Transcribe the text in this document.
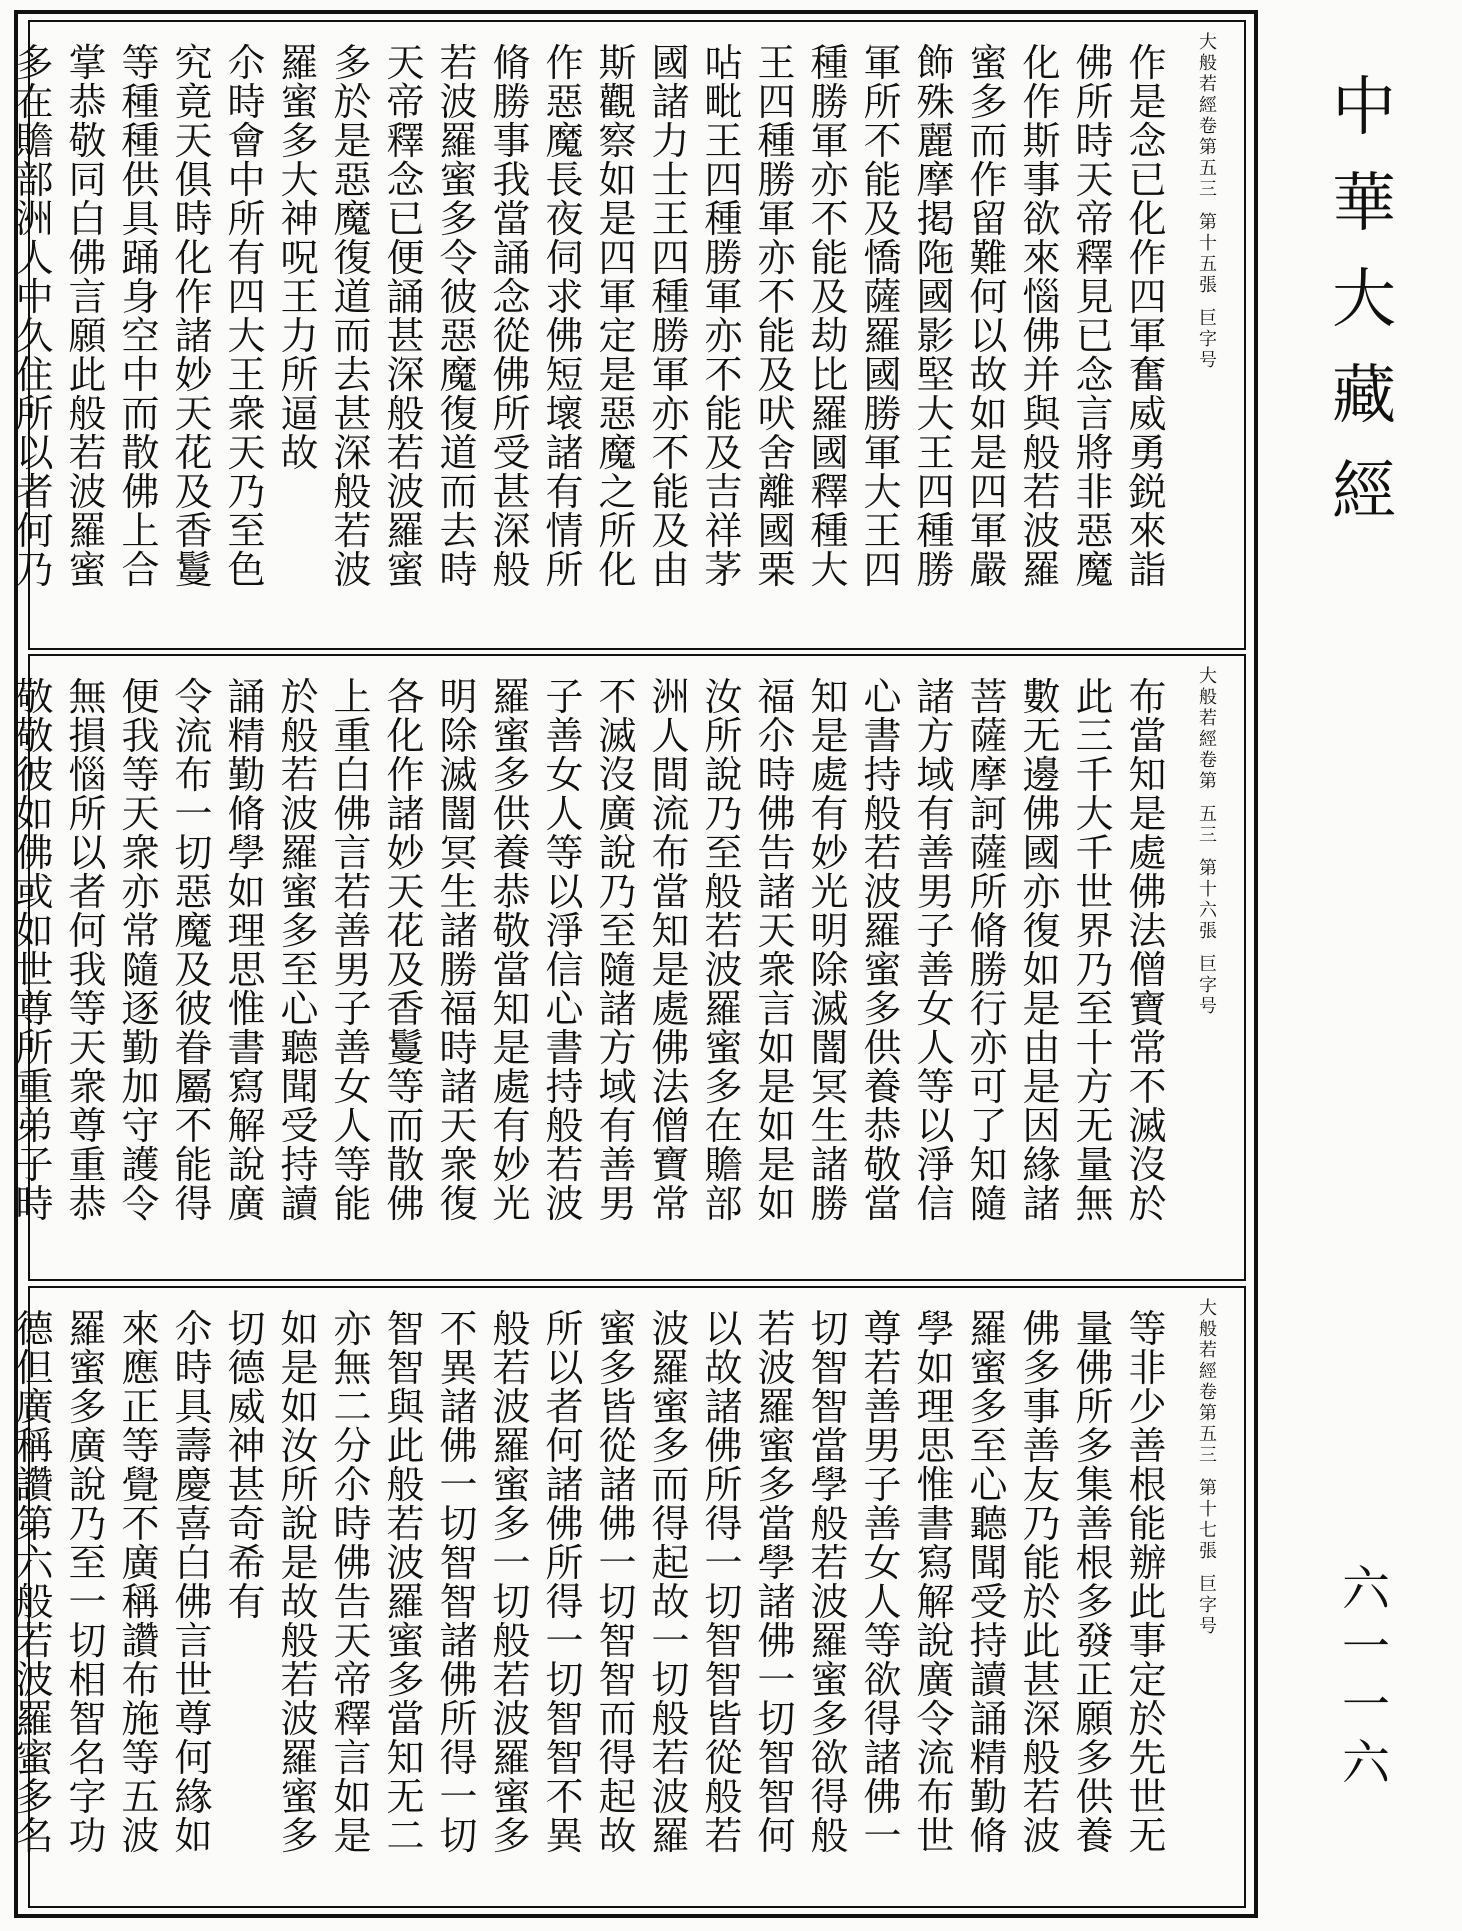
大
般
若
經
卷
第
五
三
第
十
五
張
巨
字
号
作
是
念
已
化
作
四
軍
奮
威
勇
鋭
來
詣
佛
所
時
天
帝
釋
見
已
念
言
將
非
惡
魔
化
作
斯
事
欲
來
惱
佛
并
與
般
若
波
羅
蜜
多
而
作
留
難
何
以
故
如
是
四
軍
嚴
飾
殊
麗
摩
掲
陁
國
影
堅
大
王
四
種
勝
軍
所
不
能
及
憍
薩
羅
國
勝
軍
大
王
四
種
勝
軍
亦
不
能
及
劫
比
羅
國
釋
種
大
王
四
種
勝
軍
亦
不
能
及
吠
舍
離
國
栗
呫
毗
王
四
種
勝
軍
亦
不
能
及
吉
祥
茅
國
諸
力
士
王
四
種
勝
軍
亦
不
能
及
由
斯
觀
察
如
是
四
軍
定
是
惡
魔
之
所
化
作
惡
魔
長
夜
伺
求
佛
短
壞
諸
有
情
所
脩
勝
事
我
當
誦
念
從
佛
所
受
甚
深
般
若
波
羅
蜜
多
令
彼
惡
魔
復
道
而
去
時
天
帝
釋
念
已
便
誦
甚
深
般
若
波
羅
蜜
多
於
是
惡
魔
復
道
而
去
甚
深
般
若
波
羅
蜜
多
大
神
呪
王
力
所
逼
故
尒
時
會
中
所
有
四
大
王
衆
天
乃
至
色
究
竟
天
俱
時
化
作
諸
妙
天
花
及
香
鬘
等
種
種
供
具
踊
身
空
中
而
散
佛
上
合
掌
恭
敬
同
白
佛
言
願
此
般
若
波
羅
蜜
多
在
贍
部
洲
人
中
久
住
所
以
者
何
乃
大
般
若
經
卷
第
五
三
第
十
六
張
巨
字
号
布
當
知
是
處
佛
法
僧
寶
常
不
滅
沒
於
此
三
千
大
千
世
界
乃
至
十
方
无
量
無
數
无
邊
佛
國
亦
復
如
是
由
是
因
緣
諸
菩
薩
摩
訶
薩
所
脩
勝
行
亦
可
了
知
隨
諸
方
域
有
善
男
子
善
女
人
等
以
淨
信
心
書
持
般
若
波
羅
蜜
多
供
養
恭
敬
當
知
是
處
有
妙
光
明
除
滅
闇
冥
生
諸
勝
福
尒
時
佛
告
諸
天
衆
言
如
是
如
是
如
汝
所
說
乃
至
般
若
波
羅
蜜
多
在
贍
部
洲
人
間
流
布
當
知
是
處
佛
法
僧
寶
常
不
滅
沒
廣
說
乃
至
隨
諸
方
域
有
善
男
子
善
女
人
等
以
淨
信
心
書
持
般
若
波
羅
蜜
多
供
養
恭
敬
當
知
是
處
有
妙
光
明
除
滅
闇
冥
生
諸
勝
福
時
諸
天
衆
復
各
化
作
諸
妙
天
花
及
香
鬘
等
而
散
佛
上
重
白
佛
言
若
善
男
子
善
女
人
等
能
於
般
若
波
羅
蜜
多
至
心
聽
聞
受
持
讀
誦
精
勤
脩
學
如
理
思
惟
書
寫
解
說
廣
令
流
布
一
切
惡
魔
及
彼
眷
屬
不
能
得
便
我
等
天
衆
亦
常
隨
逐
勤
加
守
護
令
無
損
惱
所
以
者
何
我
等
天
衆
尊
重
恭
敬
敬
彼
如
佛
或
如
世
尊
所
重
弟
子
時
大
般
若
經
卷
第
五
三
第
十
七
張
巨
字
号
等
非
少
善
根
能
辦
此
事
定
於
先
世
无
量
佛
所
多
集
善
根
多
發
正
願
多
供
養
佛
多
事
善
友
乃
能
於
此
甚
深
般
若
波
羅
蜜
多
至
心
聽
聞
受
持
讀
誦
精
勤
脩
學
如
理
思
惟
書
寫
解
說
廣
令
流
布
世
尊
若
善
男
子
善
女
人
等
欲
得
諸
佛
一
切
智
智
當
學
般
若
波
羅
蜜
多
欲
得
般
若
波
羅
蜜
多
當
學
諸
佛
一
切
智
智
何
以
故
諸
佛
所
得
一
切
智
智
皆
從
般
若
波
羅
蜜
多
而
得
起
故
一
切
般
若
波
羅
蜜
多
皆
從
諸
佛
一
切
智
智
而
得
起
故
所
以
者
何
諸
佛
所
得
一
切
智
智
不
異
般
若
波
羅
蜜
多
一
切
般
若
波
羅
蜜
多
不
異
諸
佛
一
切
智
智
諸
佛
所
得
一
切
智
智
與
此
般
若
波
羅
蜜
多
當
知
无
二
亦
無
二
分
尒
時
佛
告
天
帝
釋
言
如
是
如
是
如
汝
所
說
是
故
般
若
波
羅
蜜
多
切
德
威
神
甚
奇
希
有
尒
時
具
壽
慶
喜
白
佛
言
世
尊
何
緣
如
來
應
正
等
覺
不
廣
稱
讚
布
施
等
五
波
羅
蜜
多
廣
說
乃
至
一
切
相
智
名
字
功
德
但
廣
稱
讚
第
六
般
若
波
羅
蜜
多
名
中
華
大
藏
經
六
一
一
六
